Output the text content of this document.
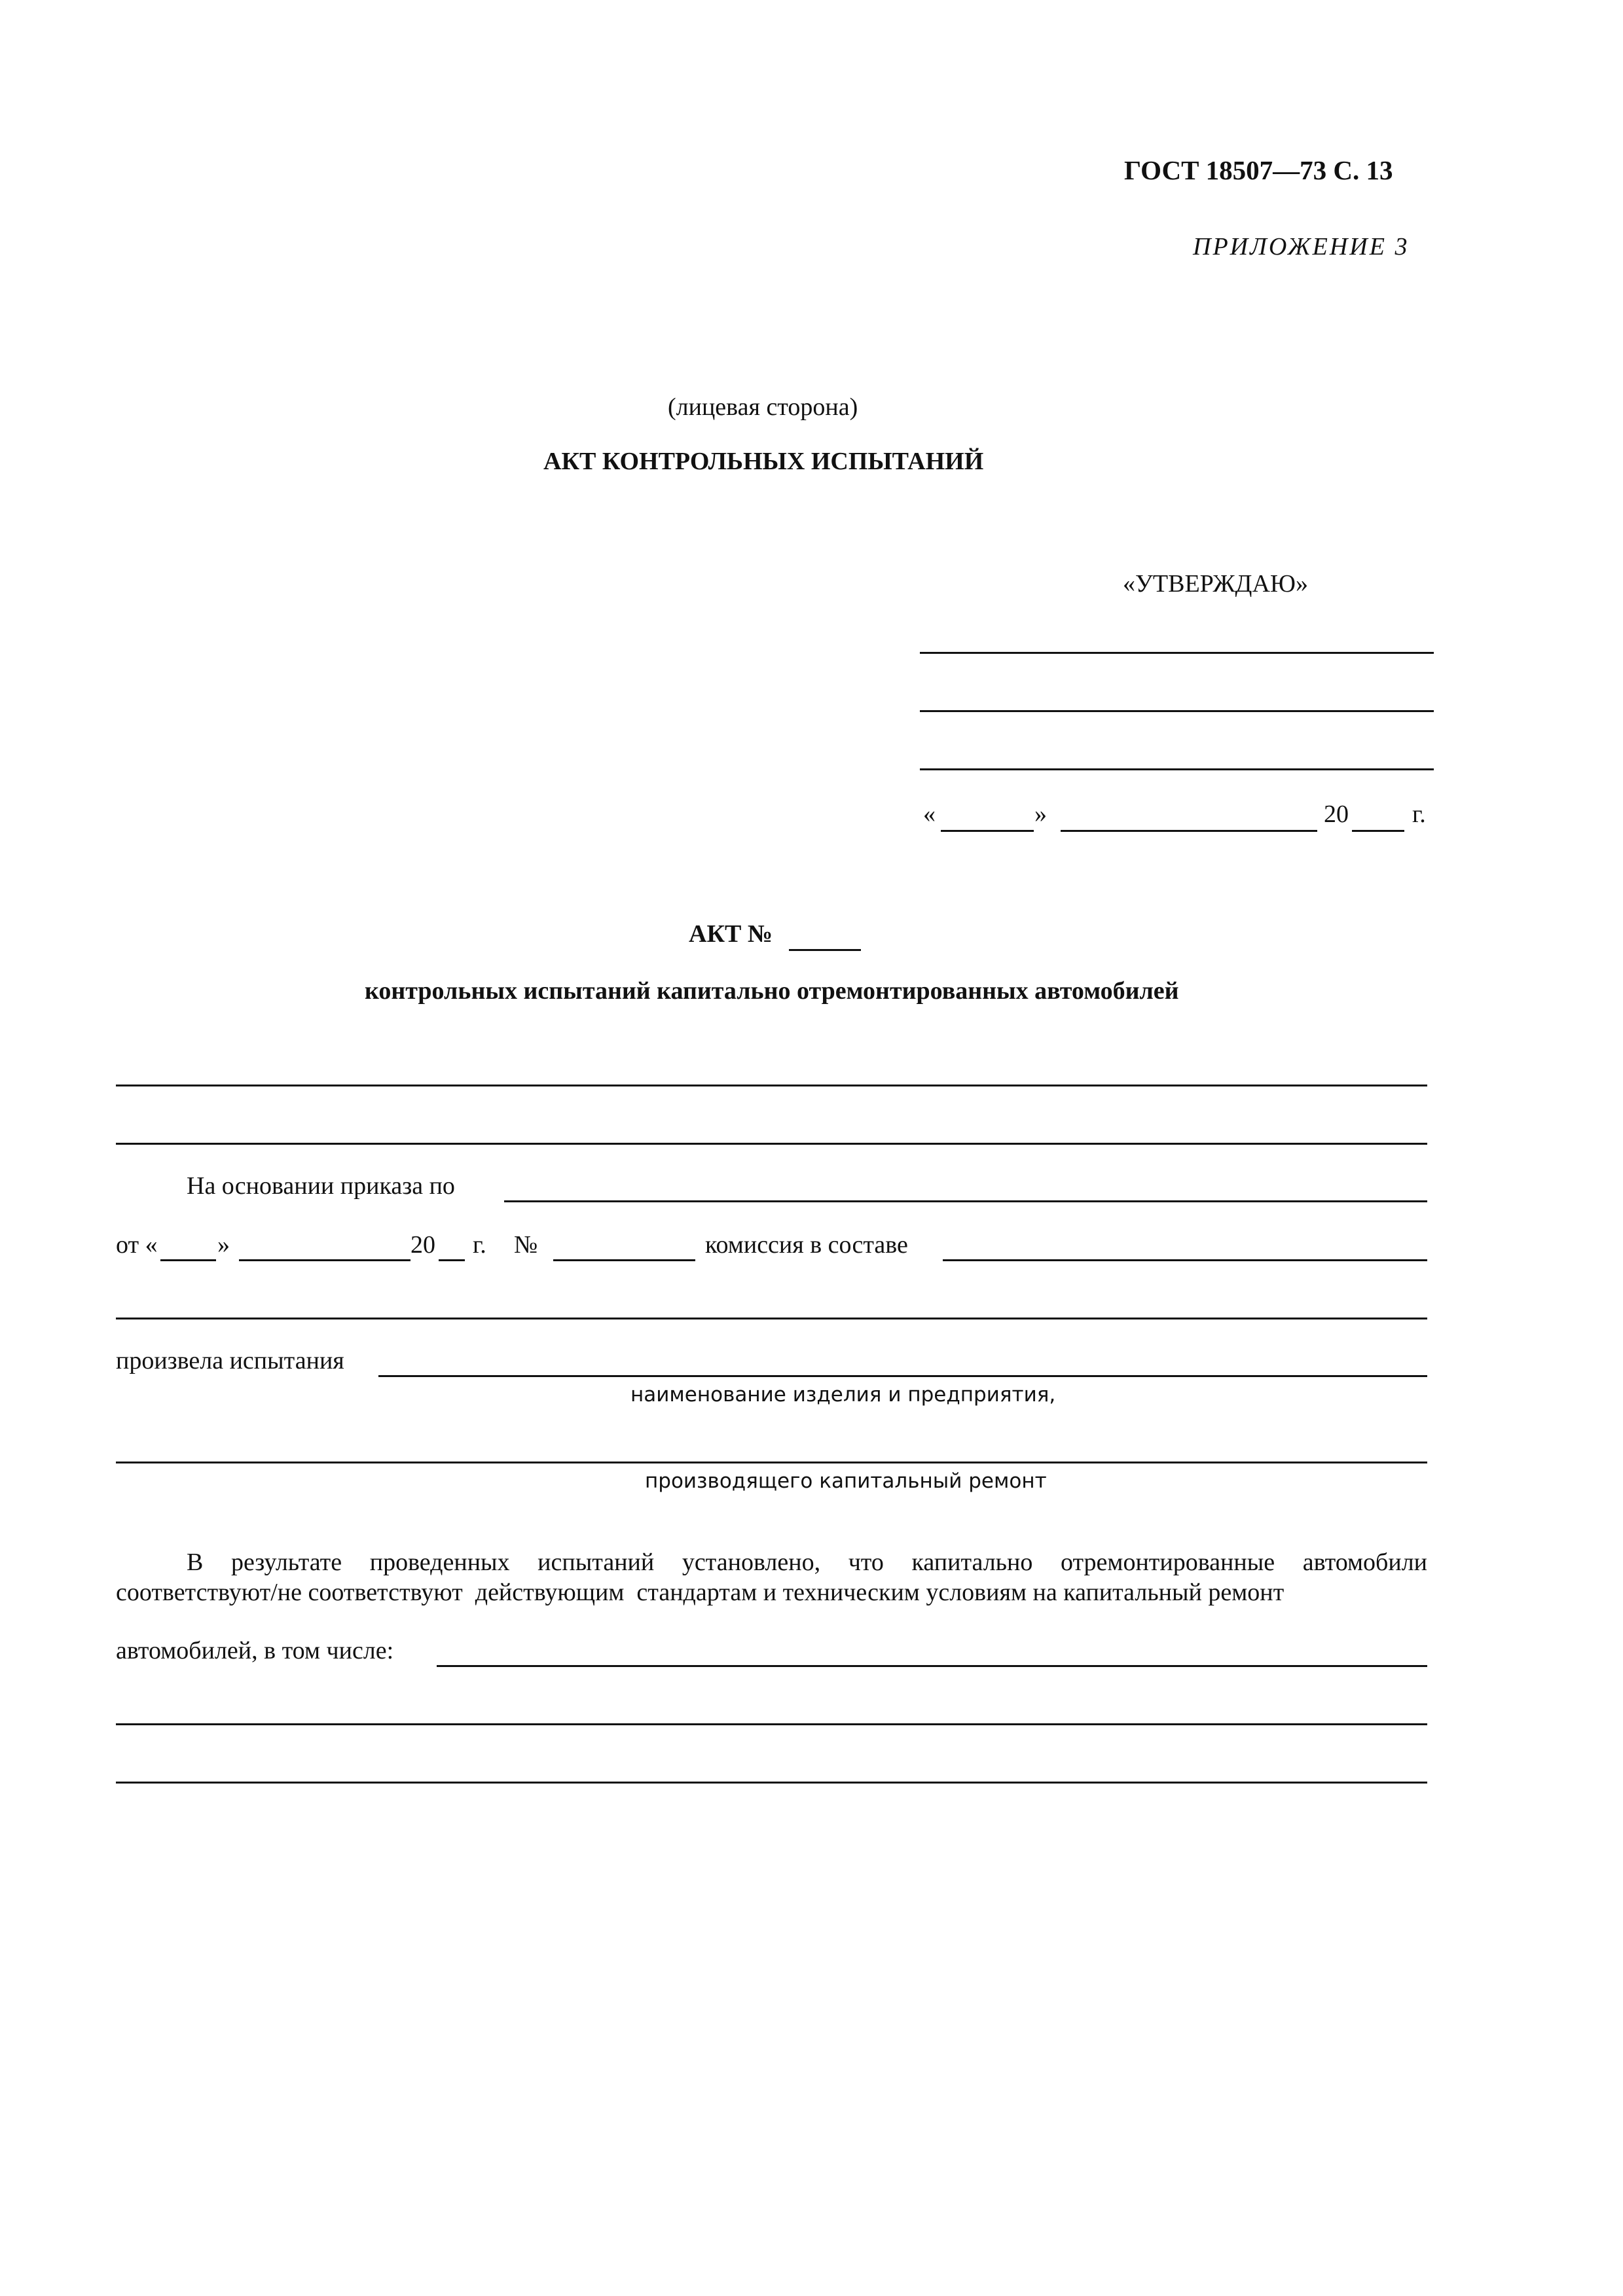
ГОСТ 18507—73 С. 13
ПРИЛОЖЕНИЕ 3
(лицевая сторона)
АКТ КОНТРОЛЬНЫХ ИСПЫТАНИЙ
«УТВЕРЖДАЮ»
«	»	20	г.
АКТ №
контрольных испытаний капитально отремонтированных автомобилей
На основании приказа по
от « »	20 г. №	комиссия в составе
произвела испытания
наименование изделия и предприятия,
производящего капитальный ремонт
В результате проведенных испытаний установлено, что капитально отремонтированные автомобили
соответствуют/не соответствуют  действующим  стандартам и техническим условиям на капитальный ремонт
автомобилей, в том числе:
